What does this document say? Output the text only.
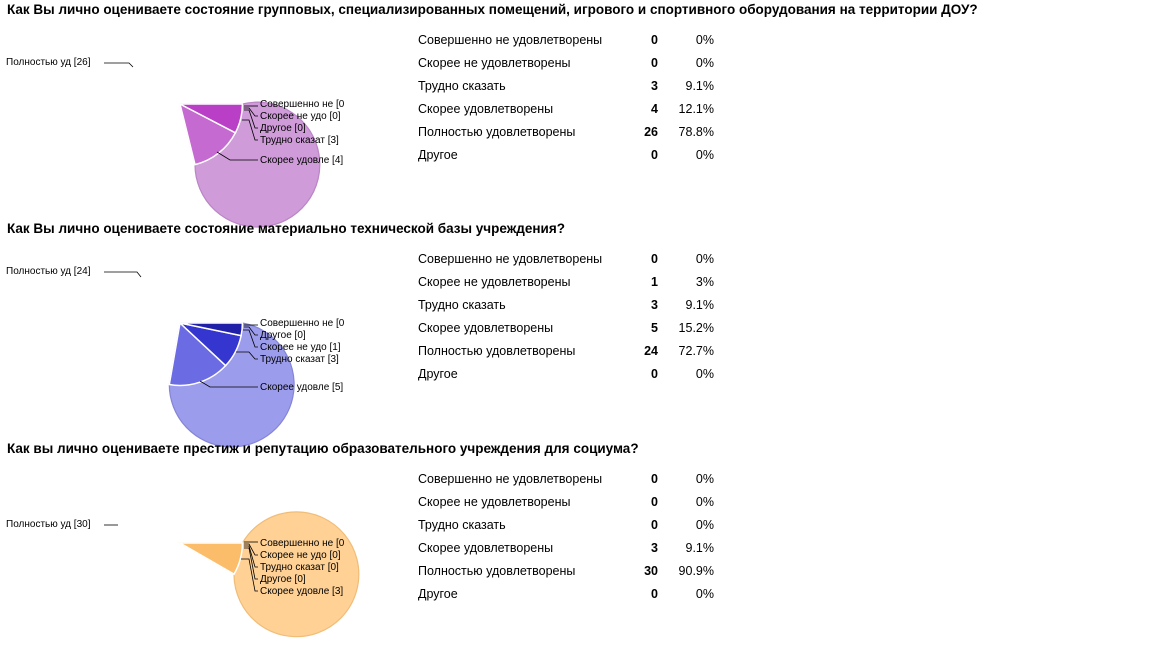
Как Вы лично оцениваете состояние групповых, специализированных помещений, игрового и спортивного оборудования на территории ДОУ?
Полностью уд [26]
Совершенно не [0
Скорее не удо [0]
Другое [0]
Трудно сказат [3]
Скорее удовле [4]
Совершенно не удовлетворены	0	0%
Скорее не удовлетворены	0	0%
Трудно сказать	3	9.1%
Скорее удовлетворены	4	12.1%
Полностью удовлетворены	26	78.8%
Другое	0	0%
Как Вы лично оцениваете состояние материально технической базы учреждения?
Полностью уд [24]
Совершенно не [0
Другое [0]
Скорее не удо [1]
Трудно сказат [3]
Скорее удовле [5]
Совершенно не удовлетворены	0	0%
Скорее не удовлетворены	1	3%
Трудно сказать	3	9.1%
Скорее удовлетворены	5	15.2%
Полностью удовлетворены	24	72.7%
Другое	0	0%
Как вы лично оцениваете престиж и репутацию образовательного учреждения для социума?
Полностью уд [30]
Совершенно не [0
Скорее не удо [0]
Трудно сказат [0]
Другое [0]
Скорее удовле [3]
Совершенно не удовлетворены	0	0%
Скорее не удовлетворены	0	0%
Трудно сказать	0	0%
Скорее удовлетворены	3	9.1%
Полностью удовлетворены	30	90.9%
Другое	0	0%
